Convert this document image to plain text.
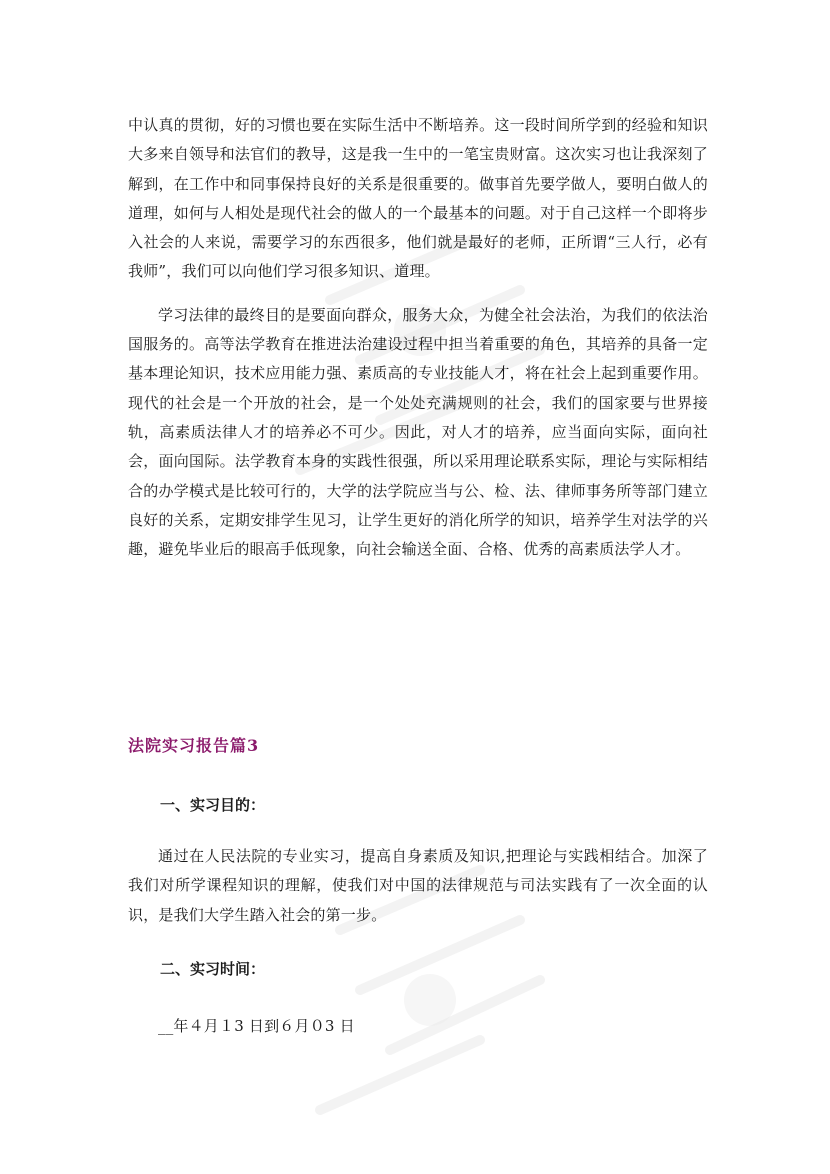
中认真的贯彻，好的习惯也要在实际生活中不断培养。这一段时间所学到的经验和知识大多来自领导和法官们的教导，这是我一生中的一笔宝贵财富。这次实习也让我深刻了解到，在工作中和同事保持良好的关系是很重要的。做事首先要学做人，要明白做人的道理，如何与人相处是现代社会的做人的一个最基本的问题。对于自己这样一个即将步入社会的人来说，需要学习的东西很多，他们就是最好的老师，正所谓“三人行，必有我师”，我们可以向他们学习很多知识、道理。

学习法律的最终目的是要面向群众，服务大众，为健全社会法治，为我们的依法治国服务的。高等法学教育在推进法治建设过程中担当着重要的角色，其培养的具备一定基本理论知识，技术应用能力强、素质高的专业技能人才，将在社会上起到重要作用。现代的社会是一个开放的社会，是一个处处充满规则的社会，我们的国家要与世界接轨，高素质法律人才的培养必不可少。因此，对人才的培养，应当面向实际，面向社会，面向国际。法学教育本身的实践性很强，所以采用理论联系实际，理论与实际相结合的办学模式是比较可行的，大学的法学院应当与公、检、法、律师事务所等部门建立良好的关系，定期安排学生见习，让学生更好的消化所学的知识，培养学生对法学的兴趣，避免毕业后的眼高手低现象，向社会输送全面、合格、优秀的高素质法学人才。

法院实习报告篇3
一、实习目的：

通过在人民法院的专业实习，提高自身素质及知识,把理论与实践相结合。加深了我们对所学课程知识的理解，使我们对中国的法律规范与司法实践有了一次全面的认识，是我们大学生踏入社会的第一步。

二、实习时间：

__年４月１3 日到６月０3 日
